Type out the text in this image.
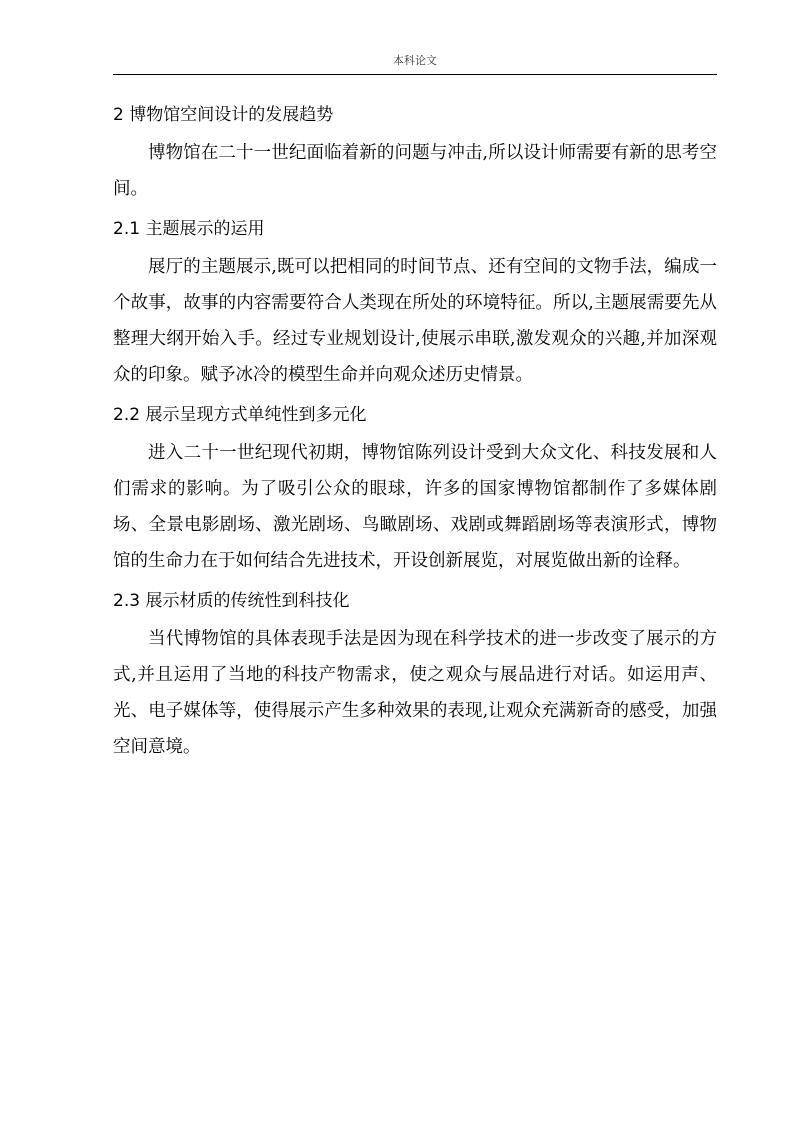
本科论文
2 博物馆空间设计的发展趋势

博物馆在二十一世纪面临着新的问题与冲击,所以设计师需要有新的思考空间。

2.1 主题展示的运用

展厅的主题展示,既可以把相同的时间节点、还有空间的文物手法，编成一个故事，故事的内容需要符合人类现在所处的环境特征。所以,主题展需要先从整理大纲开始入手。经过专业规划设计,使展示串联,激发观众的兴趣,并加深观众的印象。赋予冰冷的模型生命并向观众述历史情景。

2.2 展示呈现方式单纯性到多元化

进入二十一世纪现代初期，博物馆陈列设计受到大众文化、科技发展和人们需求的影响。为了吸引公众的眼球，许多的国家博物馆都制作了多媒体剧场、全景电影剧场、激光剧场、鸟瞰剧场、戏剧或舞蹈剧场等表演形式，博物馆的生命力在于如何结合先进技术，开设创新展览，对展览做出新的诠释。

2.3 展示材质的传统性到科技化

当代博物馆的具体表现手法是因为现在科学技术的进一步改变了展示的方式,并且运用了当地的科技产物需求，使之观众与展品进行对话。如运用声、光、电子媒体等，使得展示产生多种效果的表现,让观众充满新奇的感受，加强空间意境。
